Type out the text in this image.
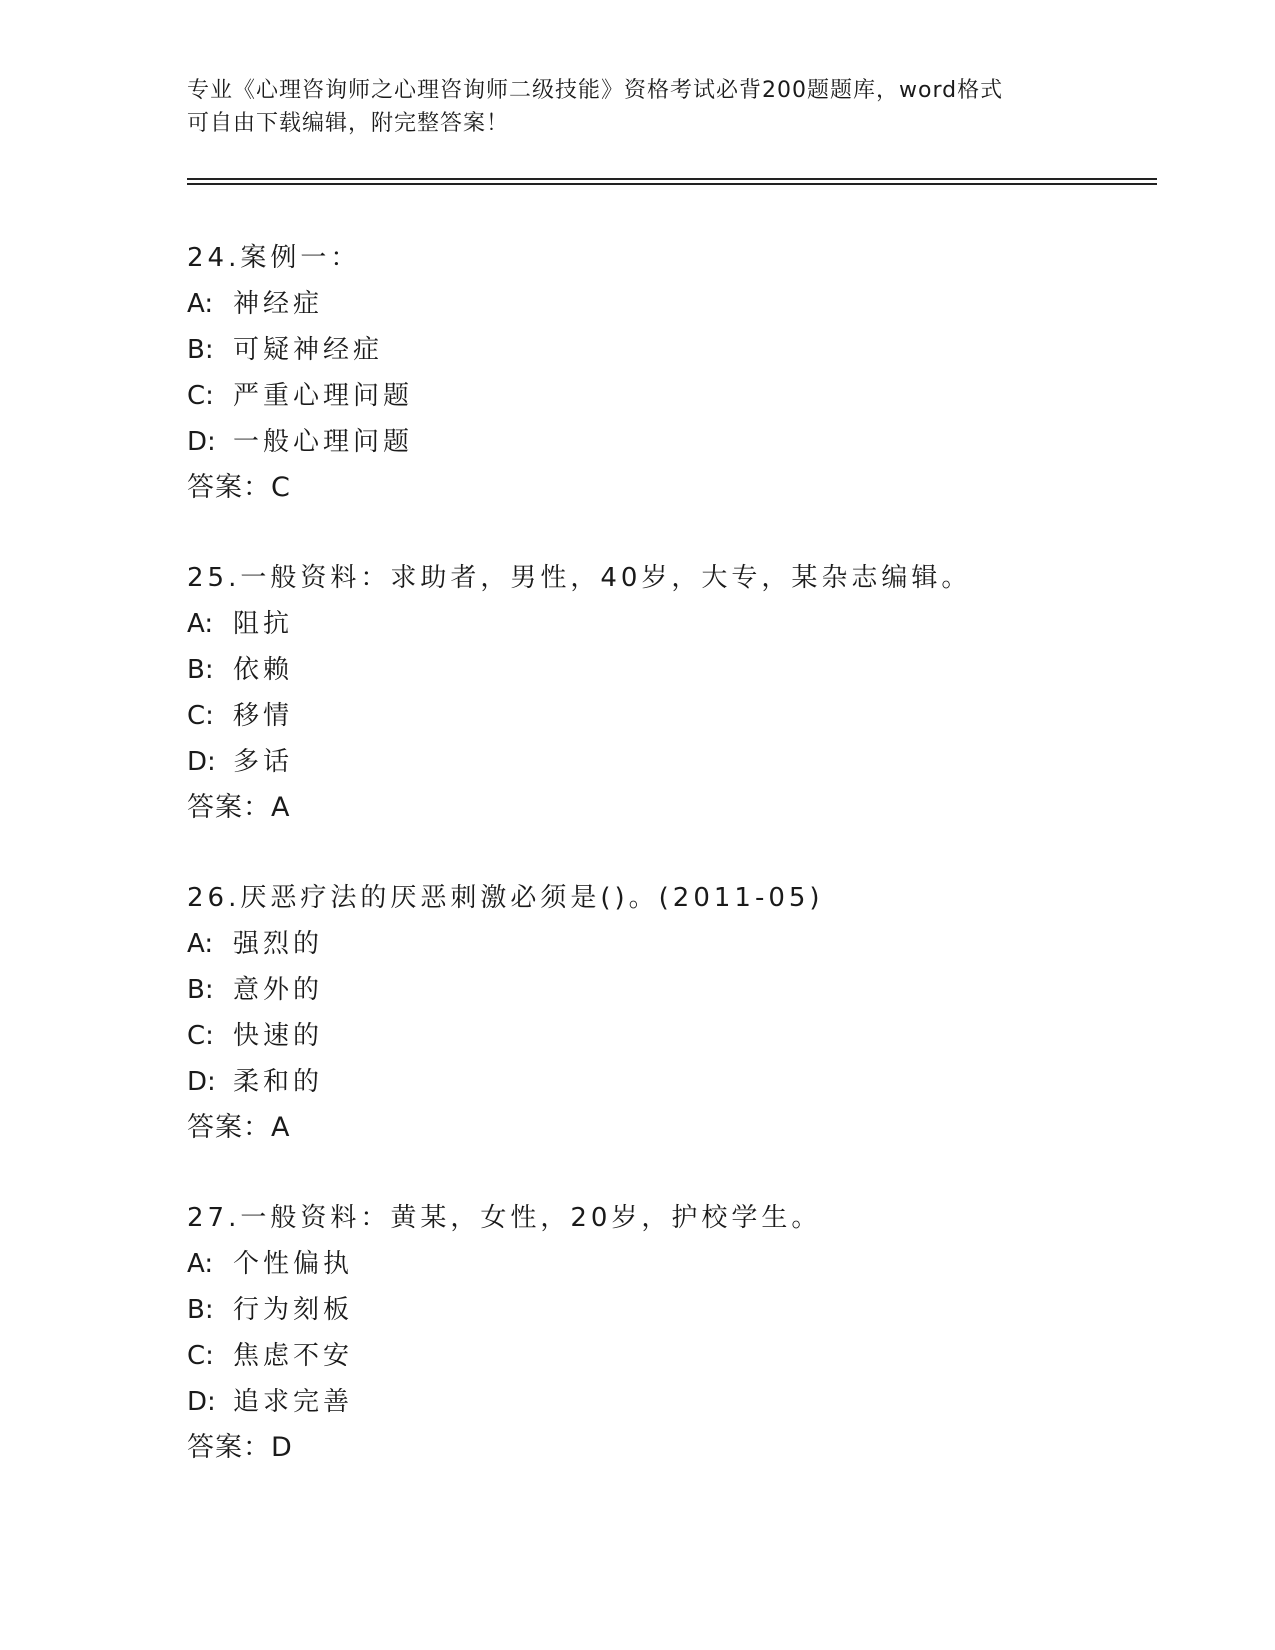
专业《心理咨询师之心理咨询师二级技能》资格考试必背200题题库，word格式
可自由下载编辑，附完整答案！
24.案例一：
A: 神经症
B: 可疑神经症
C: 严重心理问题
D: 一般心理问题
答案：C
25.一般资料：求助者，男性，40岁，大专，某杂志编辑。
A: 阻抗
B: 依赖
C: 移情
D: 多话
答案：A
26.厌恶疗法的厌恶刺激必须是()。(2011-05)
A: 强烈的
B: 意外的
C: 快速的
D: 柔和的
答案：A
27.一般资料：黄某，女性，20岁，护校学生。
A: 个性偏执
B: 行为刻板
C: 焦虑不安
D: 追求完善
答案：D
